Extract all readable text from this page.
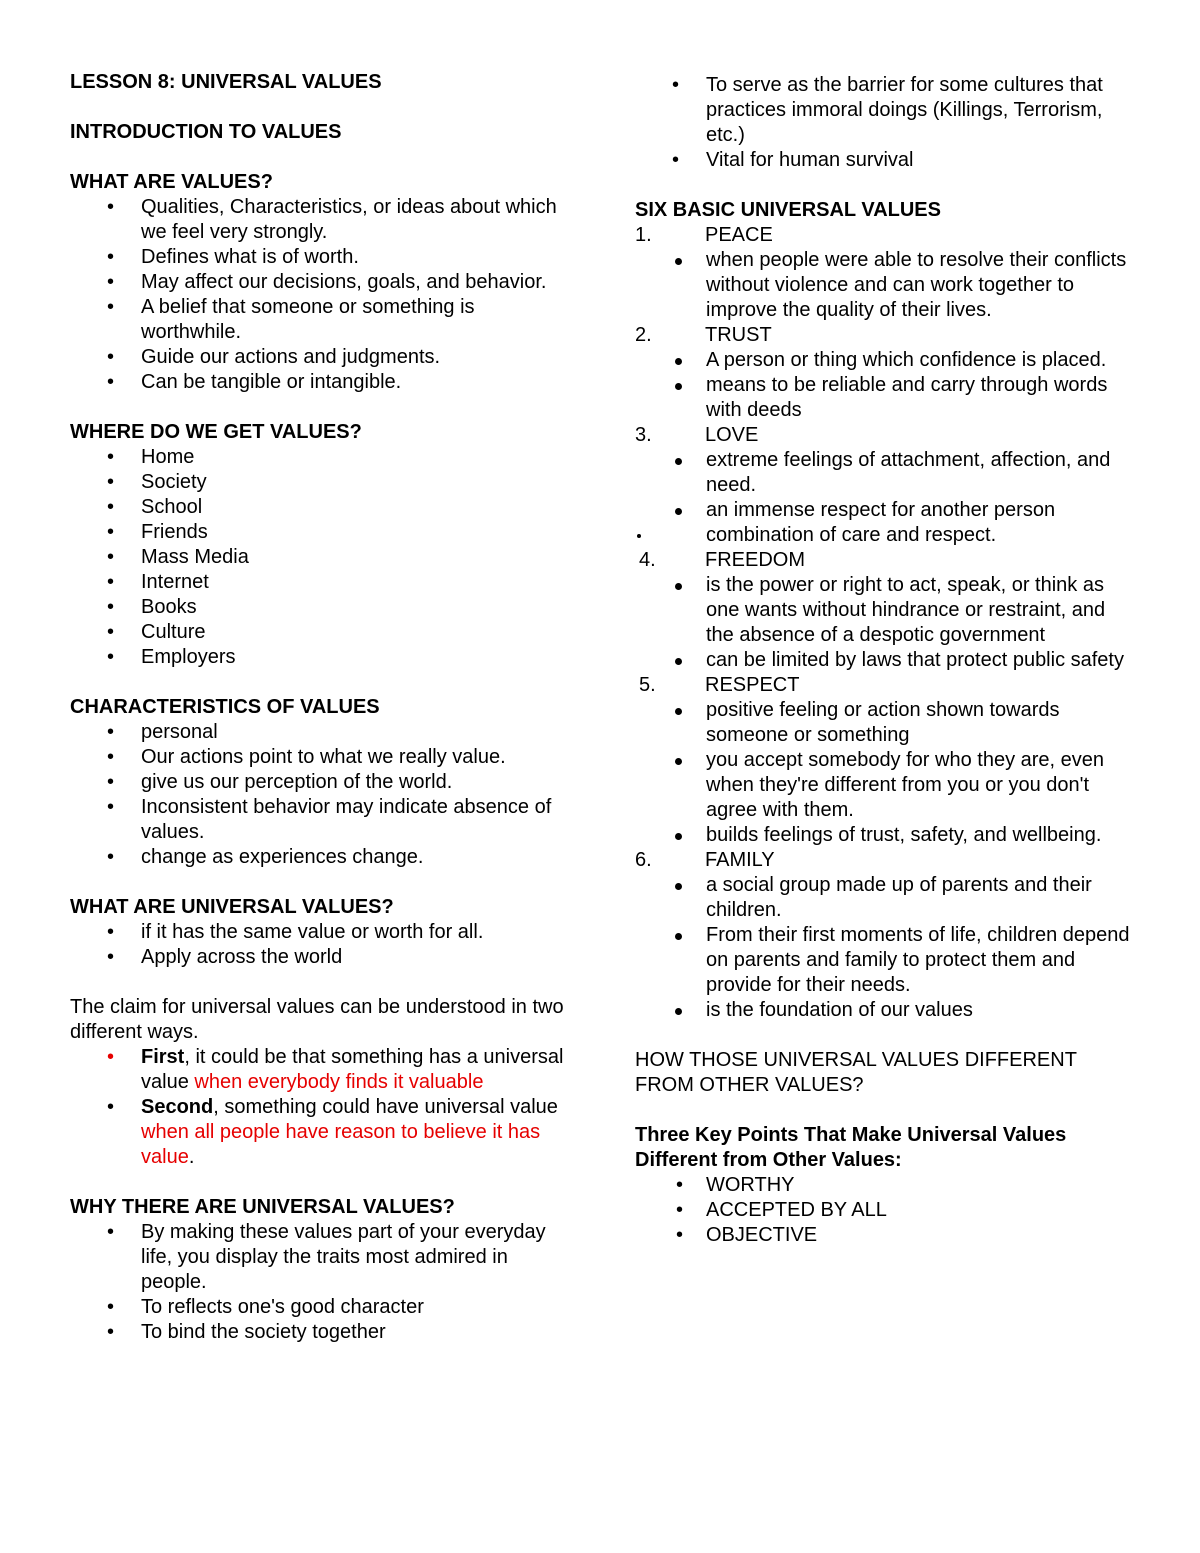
LESSON 8: UNIVERSAL VALUES
INTRODUCTION TO VALUES
WHAT ARE VALUES?
• Qualities, Characteristics, or ideas about which we feel very strongly.
• Defines what is of worth.
• May affect our decisions, goals, and behavior.
• A belief that someone or something is worthwhile.
• Guide our actions and judgments.
• Can be tangible or intangible.
WHERE DO WE GET VALUES?
• Home
• Society
• School
• Friends
• Mass Media
• Internet
• Books
• Culture
• Employers
CHARACTERISTICS OF VALUES
• personal
• Our actions point to what we really value.
• give us our perception of the world.
• Inconsistent behavior may indicate absence of values.
• change as experiences change.
WHAT ARE UNIVERSAL VALUES?
• if it has the same value or worth for all.
• Apply across the world

The claim for universal values can be understood in two different ways.

• First, it could be that something has a universal value when everybody finds it valuable
• Second, something could have universal value when all people have reason to believe it has value.
WHY THERE ARE UNIVERSAL VALUES?
• By making these values part of your everyday life, you display the traits most admired in people.
• To reflects one's good character
• To bind the society together
• To serve as the barrier for some cultures that practices immoral doings (Killings, Terrorism, etc.)
• Vital for human survival
SIX BASIC UNIVERSAL VALUES
1.	PEACE
when people were able to resolve their conflicts without violence and can work together to improve the quality of their lives.
2.	TRUST
A person or thing which confidence is placed.
means to be reliable and carry through words with deeds
3.	LOVE
extreme feelings of attachment, affection, and need.
an immense respect for another person
combination of care and respect.
4. FREEDOM
is the power or right to act, speak, or think as one wants without hindrance or restraint, and the absence of a despotic government
can be limited by laws that protect public safety
5. RESPECT
positive feeling or action shown towards someone or something
you accept somebody for who they are, even when they're different from you or you don't agree with them.
builds feelings of trust, safety, and wellbeing.
6.	FAMILY
a social group made up of parents and their children.
From their first moments of life, children depend on parents and family to protect them and provide for their needs.
is the foundation of our values

HOW THOSE UNIVERSAL VALUES DIFFERENT FROM OTHER VALUES?

Three Key Points That Make Universal Values Different from Other Values:
• WORTHY
• ACCEPTED BY ALL
• OBJECTIVE
